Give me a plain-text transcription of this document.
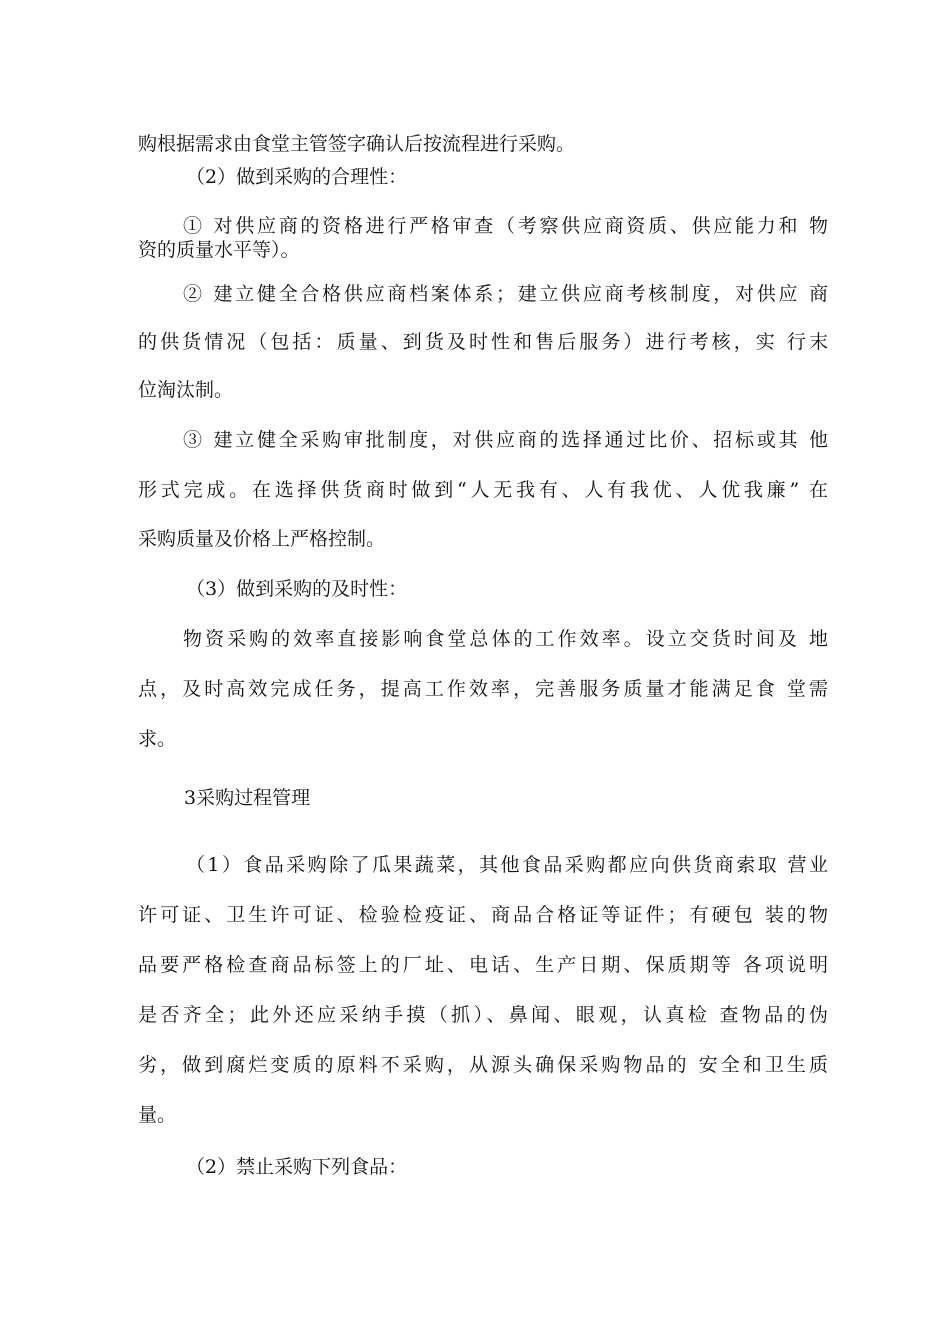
购根据需求由食堂主管签字确认后按流程进行采购。
（2）做到采购的合理性：
① 对供应商的资格进行严格审查（考察供应商资质、供应能力和 物
资的质量水平等）。
② 建立健全合格供应商档案体系；建立供应商考核制度，对供应 商
的供货情况（包括：质量、到货及时性和售后服务）进行考核，实 行末
位淘汰制。
③ 建立健全采购审批制度，对供应商的选择通过比价、招标或其 他
形式完成。在选择供货商时做到“人无我有、人有我优、人优我廉” 在
采购质量及价格上严格控制。
（3）做到采购的及时性：
物资采购的效率直接影响食堂总体的工作效率。设立交货时间及 地
点，及时高效完成任务，提高工作效率，完善服务质量才能满足食 堂需
求。
3采购过程管理
（1）食品采购除了瓜果蔬菜，其他食品采购都应向供货商索取 营业
许可证、卫生许可证、检验检疫证、商品合格证等证件；有硬包 装的物
品要严格检查商品标签上的厂址、电话、生产日期、保质期等 各项说明
是否齐全；此外还应采纳手摸（抓）、鼻闻、眼观，认真检 查物品的伪
劣，做到腐烂变质的原料不采购，从源头确保采购物品的 安全和卫生质
量。
（2）禁止采购下列食品：
